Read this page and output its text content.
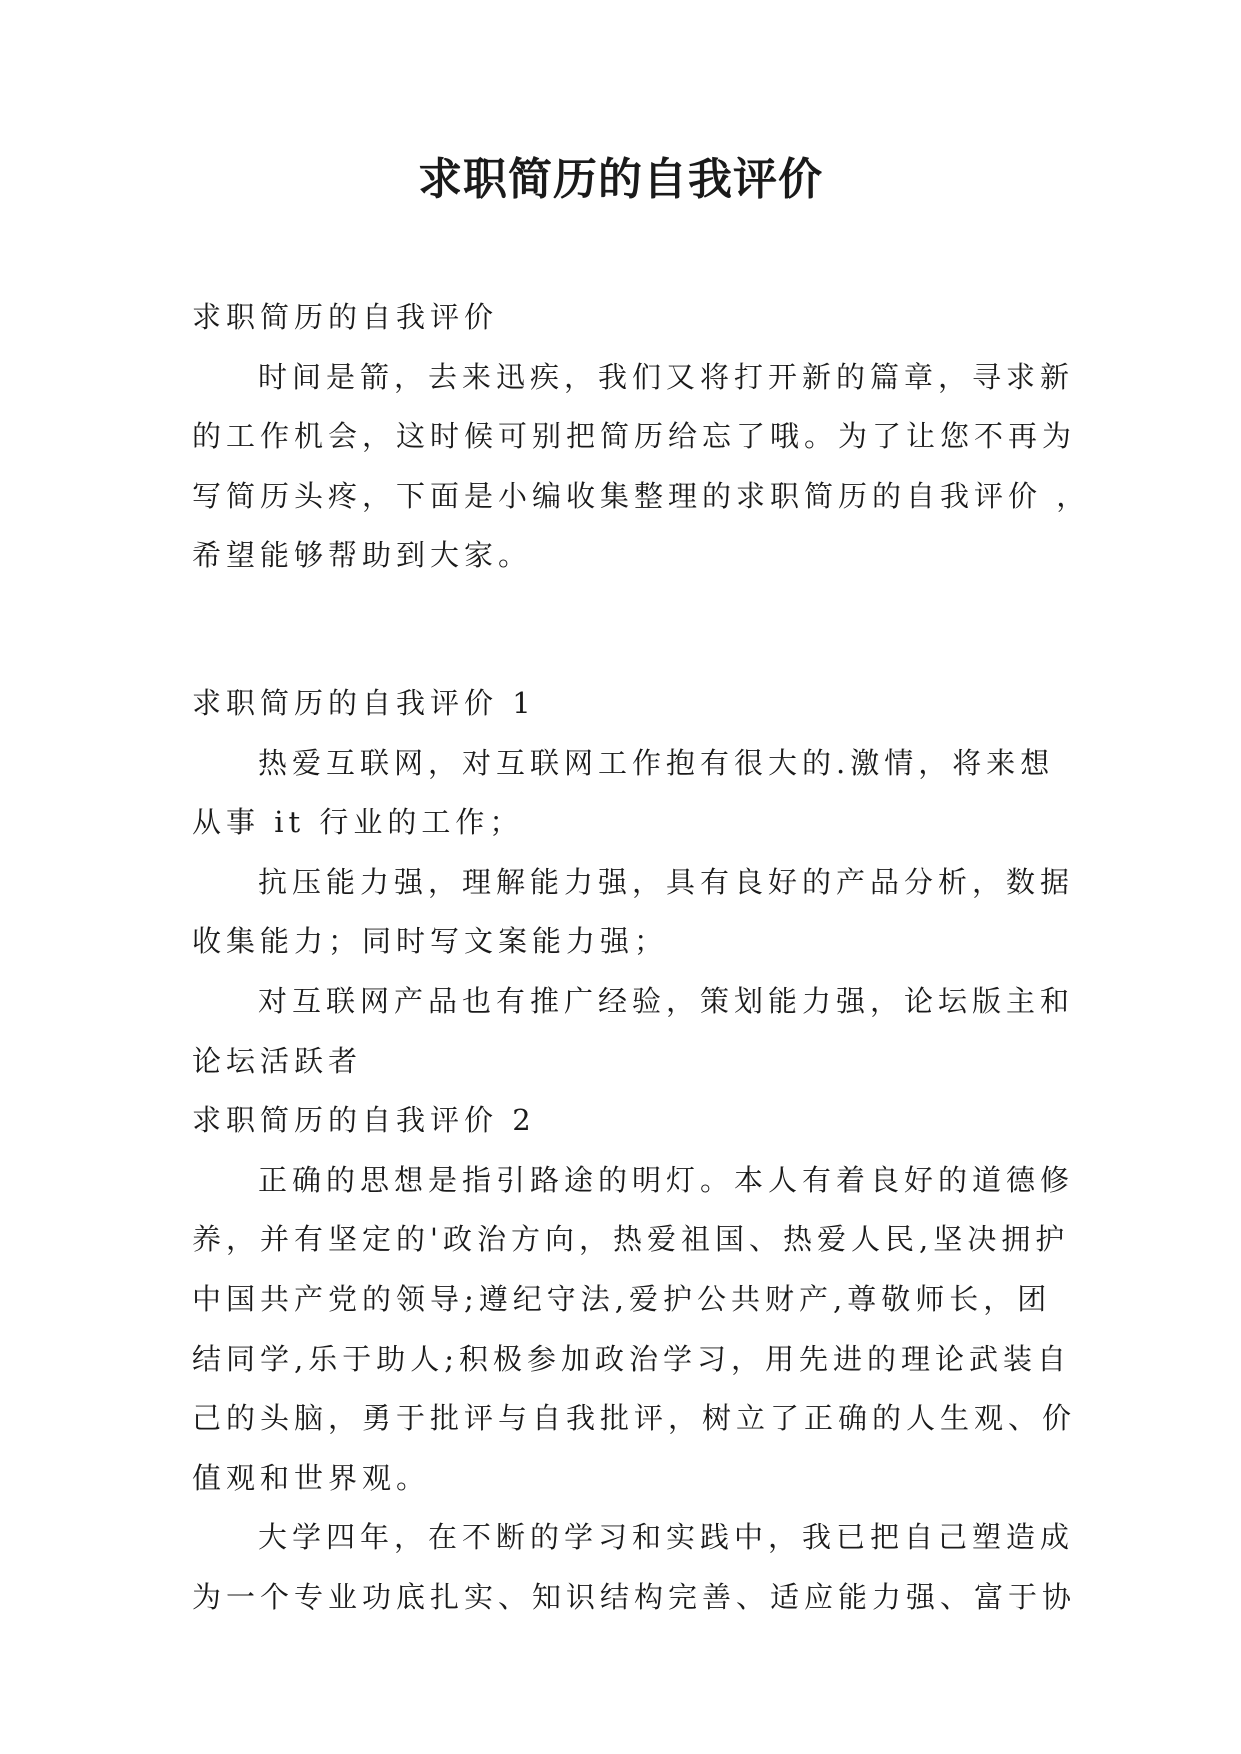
求职简历的自我评价
求职简历的自我评价
时间是箭，去来迅疾，我们又将打开新的篇章，寻求新
的工作机会，这时候可别把简历给忘了哦。为了让您不再为
写简历头疼，下面是小编收集整理的求职简历的自我评价 ，
希望能够帮助到大家。
求职简历的自我评价 1
热爱互联网，对互联网工作抱有很大的.激情，将来想
从事 it 行业的工作；
抗压能力强，理解能力强，具有良好的产品分析，数据
收集能力；同时写文案能力强；
对互联网产品也有推广经验，策划能力强，论坛版主和
论坛活跃者
求职简历的自我评价 2
正确的思想是指引路途的明灯。本人有着良好的道德修
养，并有坚定的'政治方向，热爱祖国、热爱人民,坚决拥护
中国共产党的领导;遵纪守法,爱护公共财产,尊敬师长，团
结同学,乐于助人;积极参加政治学习，用先进的理论武装自
己的头脑，勇于批评与自我批评，树立了正确的人生观、价
值观和世界观。
大学四年，在不断的学习和实践中，我已把自己塑造成
为一个专业功底扎实、知识结构完善、适应能力强、富于协
